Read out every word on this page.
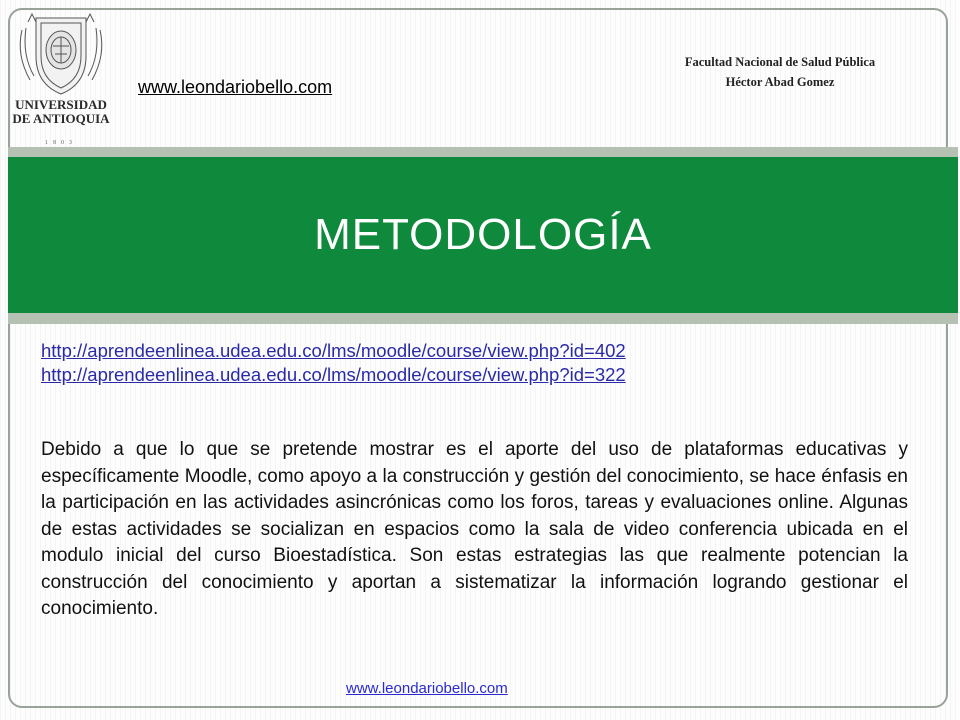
UNIVERSIDAD
DE ANTIOQUIA
1803
www.leondariobello.com
Facultad Nacional de Salud Pública
Héctor Abad Gomez
METODOLOGÍA
http://aprendeenlinea.udea.edu.co/lms/moodle/course/view.php?id=402
http://aprendeenlinea.udea.edu.co/lms/moodle/course/view.php?id=322
Debido a que lo que se pretende mostrar es el aporte del uso de plataformas educativas y específicamente Moodle, como apoyo a la construcción y gestión del conocimiento, se hace énfasis en la participación en las actividades asincrónicas como los foros, tareas y evaluaciones online. Algunas de estas actividades se socializan en espacios como la sala de video conferencia ubicada en el modulo inicial del curso Bioestadística. Son estas estrategias las que realmente potencian la construcción del conocimiento y aportan a sistematizar la información logrando gestionar el conocimiento.
www.leondariobello.com
